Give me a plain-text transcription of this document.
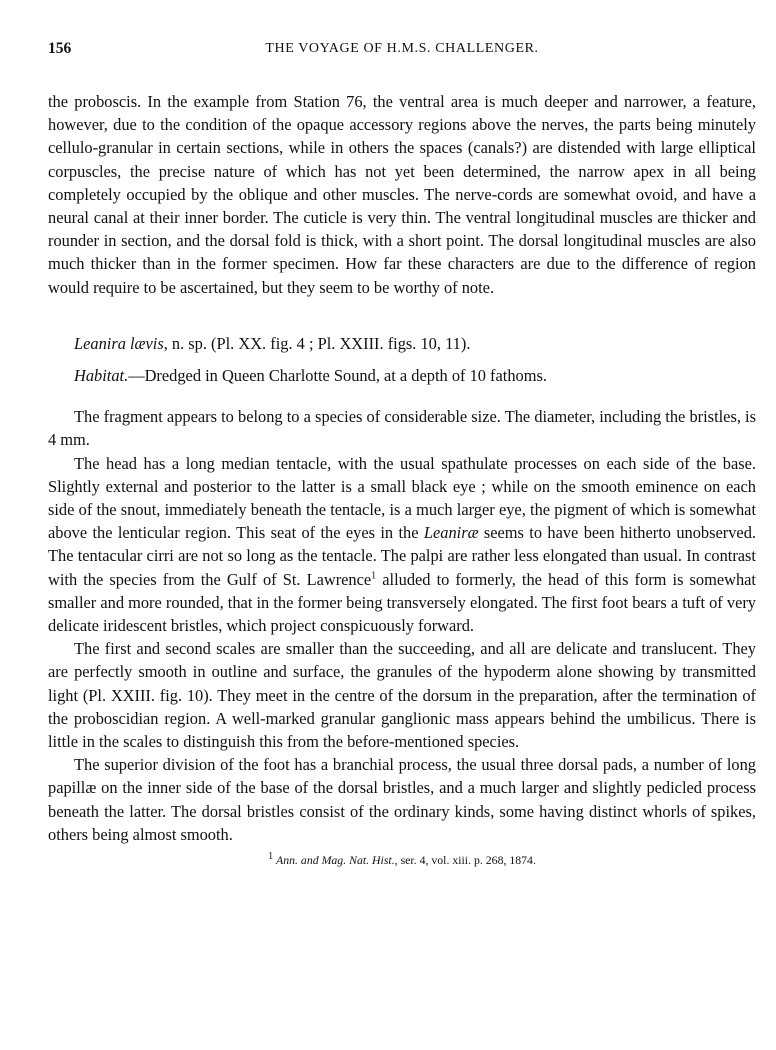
156	THE VOYAGE OF H.M.S. CHALLENGER.

the proboscis. In the example from Station 76, the ventral area is much deeper and narrower, a feature, however, due to the condition of the opaque accessory regions above the nerves, the parts being minutely cellulo-granular in certain sections, while in others the spaces (canals?) are distended with large elliptical corpuscles, the precise nature of which has not yet been determined, the narrow apex in all being completely occupied by the oblique and other muscles. The nerve-cords are somewhat ovoid, and have a neural canal at their inner border. The cuticle is very thin. The ventral longitudinal muscles are thicker and rounder in section, and the dorsal fold is thick, with a short point. The dorsal longitudinal muscles are also much thicker than in the former specimen. How far these characters are due to the difference of region would require to be ascertained, but they seem to be worthy of note.

Leanira lævis, n. sp. (Pl. XX. fig. 4 ; Pl. XXIII. figs. 10, 11).

Habitat.—Dredged in Queen Charlotte Sound, at a depth of 10 fathoms.

The fragment appears to belong to a species of considerable size. The diameter, including the bristles, is 4 mm.

The head has a long median tentacle, with the usual spathulate processes on each side of the base. Slightly external and posterior to the latter is a small black eye ; while on the smooth eminence on each side of the snout, immediately beneath the tentacle, is a much larger eye, the pigment of which is somewhat above the lenticular region. This seat of the eyes in the Leaniræ seems to have been hitherto unobserved. The tentacular cirri are not so long as the tentacle. The palpi are rather less elongated than usual. In contrast with the species from the Gulf of St. Lawrence$^1$ alluded to formerly, the head of this form is somewhat smaller and more rounded, that in the former being transversely elongated. The first foot bears a tuft of very delicate iridescent bristles, which project conspicuously forward.

The first and second scales are smaller than the succeeding, and all are delicate and translucent. They are perfectly smooth in outline and surface, the granules of the hypoderm alone showing by transmitted light (Pl. XXIII. fig. 10). They meet in the centre of the dorsum in the preparation, after the termination of the proboscidian region. A well-marked granular ganglionic mass appears behind the umbilicus. There is little in the scales to distinguish this from the before-mentioned species.

The superior division of the foot has a branchial process, the usual three dorsal pads, a number of long papillæ on the inner side of the base of the dorsal bristles, and a much larger and slightly pedicled process beneath the latter. The dorsal bristles consist of the ordinary kinds, some having distinct whorls of spikes, others being almost smooth.

$^1$ Ann. and Mag. Nat. Hist., ser. 4, vol. xiii. p. 268, 1874.
